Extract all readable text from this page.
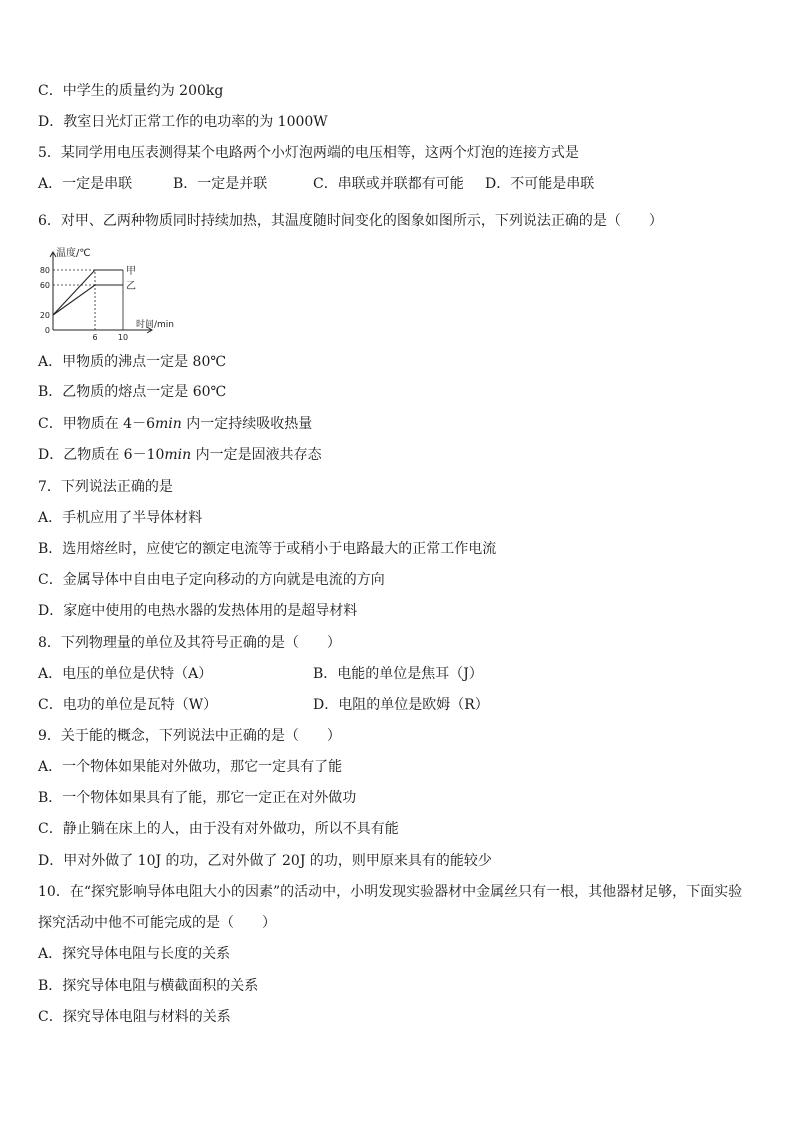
C．中学生的质量约为 200kg
D．教室日光灯正常工作的电功率的为 1000W
5．某同学用电压表测得某个电路两个小灯泡两端的电压相等，这两个灯泡的连接方式是
A．一定是串联	B．一定是并联	C．串联或并联都有可能 D．不可能是串联
6．对甲、乙两种物质同时持续加热，其温度随时间变化的图象如图所示，下列说法正确的是（　　）
80
60
20
0
6	10
甲
乙
温度/℃
时间/min
A．甲物质的沸点一定是 80℃
B．乙物质的熔点一定是 60℃
C．甲物质在 4－6min 内一定持续吸收热量
D．乙物质在 6－10min 内一定是固液共存态
7．下列说法正确的是
A．手机应用了半导体材料
B．选用熔丝时，应使它的额定电流等于或稍小于电路最大的正常工作电流
C．金属导体中自由电子定向移动的方向就是电流的方向
D．家庭中使用的电热水器的发热体用的是超导材料
8．下列物理量的单位及其符号正确的是（　　）
A．电压的单位是伏特（A）	B．电能的单位是焦耳（J）
C．电功的单位是瓦特（W）	D．电阻的单位是欧姆（R）
9．关于能的概念，下列说法中正确的是（　　）
A．一个物体如果能对外做功，那它一定具有了能
B．一个物体如果具有了能，那它一定正在对外做功
C．静止躺在床上的人，由于没有对外做功，所以不具有能
D．甲对外做了 10J 的功，乙对外做了 20J 的功，则甲原来具有的能较少
10．在“探究影响导体电阻大小的因素”的活动中，小明发现实验器材中金属丝只有一根，其他器材足够，下面实验
探究活动中他不可能完成的是（　　）
A．探究导体电阻与长度的关系
B．探究导体电阻与横截面积的关系
C．探究导体电阻与材料的关系
